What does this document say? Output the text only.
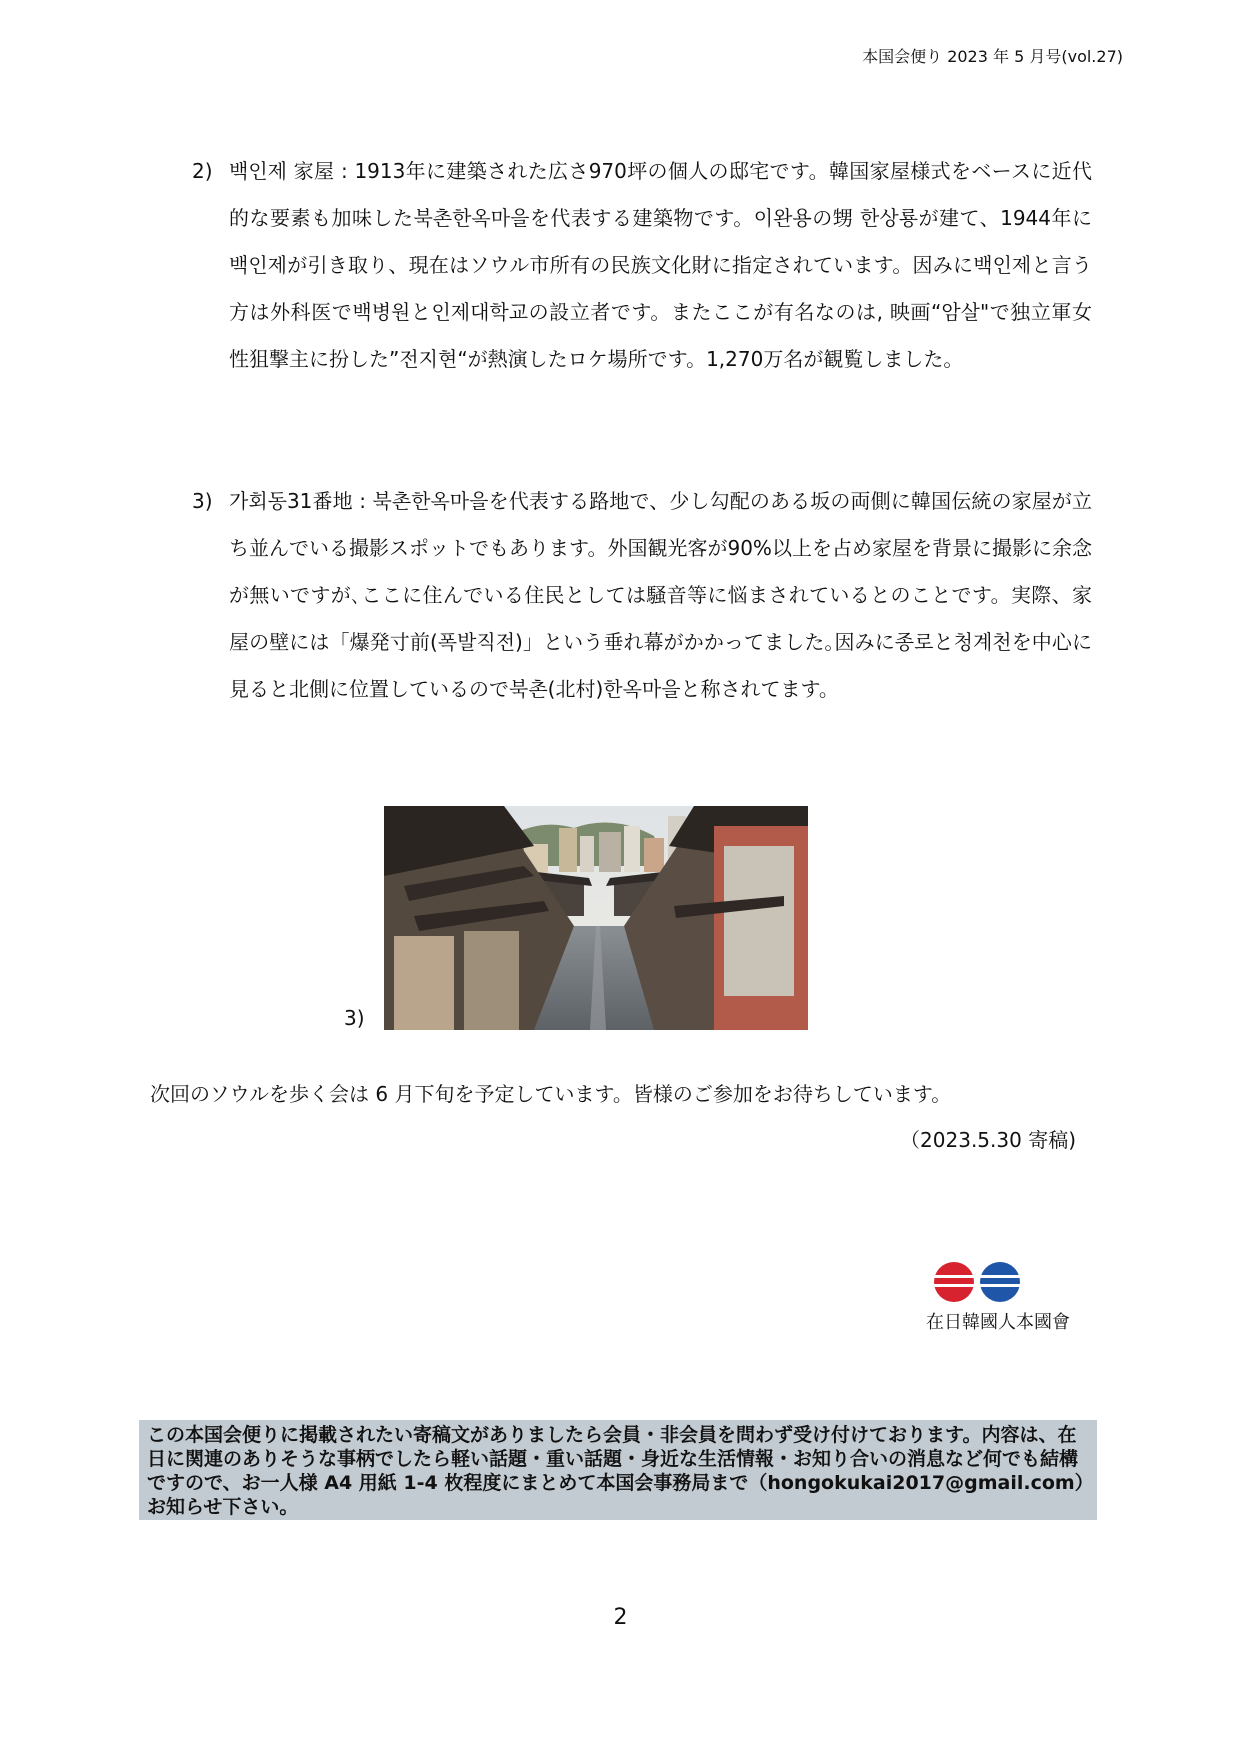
本国会便り 2023 年 5 月号(vol.27)
2) 백인제 家屋 : 1913年に建築された広さ970坪の個人の邸宅です。韓国家屋様式をベースに近代的な要素も加味した북촌한옥마을を代表する建築物です。이완용の甥 한상룡が建て、1944年に백인제が引き取り、現在はソウル市所有の民族文化財に指定されています。因みに백인제と言う方は外科医で백병원と인제대학교の設立者です。またここが有名なのは, 映画“암살"で独立軍女性狙撃主に扮した”전지현“が熱演したロケ場所です。1,270万名が観覧しました。
3) 가회동31番地 : 북촌한옥마을を代表する路地で、少し勾配のある坂の両側に韓国伝統の家屋が立ち並んでいる撮影スポットでもあります。外国観光客が90%以上を占め家屋を背景に撮影に余念が無いですが､ここに住んでいる住民としては騒音等に悩まされているとのことです。実際、家屋の壁には「爆発寸前(폭발직전)」という垂れ幕がかかってました｡因みに종로と청계천を中心に見ると北側に位置しているので북촌(北村)한옥마을と称されてます。
3)
次回のソウルを歩く会は 6 月下旬を予定しています。皆様のご参加をお待ちしています。
（2023.5.30 寄稿)
在日韓國人本國會
この本国会便りに掲載されたい寄稿文がありましたら会員・非会員を問わず受け付けております。内容は、在日に関連のありそうな事柄でしたら軽い話題・重い話題・身近な生活情報・お知り合いの消息など何でも結構ですので、お一人様 A4 用紙 1-4 枚程度にまとめて本国会事務局まで（hongokukai2017@gmail.com）お知らせ下さい。
2
